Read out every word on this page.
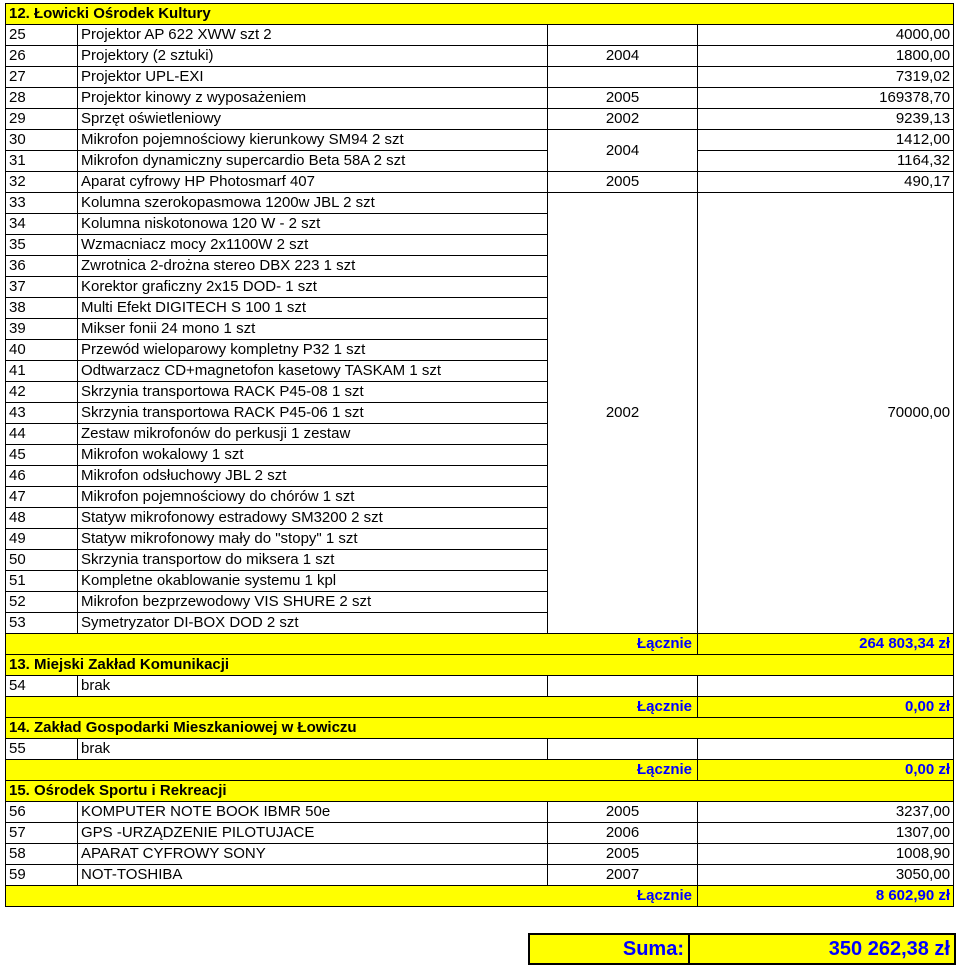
12. Łowicki Ośrodek Kultury			
25	Projektor AP 622 XWW szt 2		4000,00
26	Projektory (2 sztuki)	2004	1800,00
27	Projektor UPL-EXI		7319,02
28	Projektor kinowy z wyposażeniem	2005	169378,70
29	Sprzęt oświetleniowy	2002	9239,13
30	Mikrofon pojemnościowy kierunkowy SM94 2 szt	2004	1412,00
31	Mikrofon dynamiczny supercardio Beta 58A 2 szt		1164,32
32	Aparat cyfrowy HP Photosmarf 407	2005	490,17
33	Kolumna szerokopasmowa 1200w JBL 2 szt	2002	70000,00
34	Kolumna niskotonowa 120 W - 2 szt		
35	Wzmacniacz mocy 2x1100W 2 szt		
36	Zwrotnica 2-drożna stereo DBX 223 1 szt		
37	Korektor graficzny 2x15 DOD- 1 szt		
38	Multi Efekt DIGITECH S 100 1 szt		
39	Mikser fonii 24 mono 1 szt		
40	Przewód wieloparowy kompletny P32 1 szt		
41	Odtwarzacz CD+magnetofon kasetowy TASKAM 1 szt		
42	Skrzynia transportowa RACK P45-08 1 szt		
43	Skrzynia transportowa RACK P45-06 1 szt		
44	Zestaw mikrofonów do perkusji 1 zestaw		
45	Mikrofon wokalowy 1 szt		
46	Mikrofon odsłuchowy JBL 2 szt		
47	Mikrofon pojemnościowy do chórów 1 szt		
48	Statyw mikrofonowy estradowy SM3200 2 szt		
49	Statyw mikrofonowy mały do "stopy" 1 szt		
50	Skrzynia transportow do miksera 1 szt		
51	Kompletne okablowanie systemu 1 kpl		
52	Mikrofon bezprzewodowy VIS SHURE 2 szt		
53	Symetryzator DI-BOX DOD 2 szt		
Łącznie			264 803,34 zł
13. Miejski Zakład Komunikacji			
54	brak		
Łącznie			0,00 zł
14. Zakład Gospodarki Mieszkaniowej w Łowiczu			
55	brak		
Łącznie			0,00 zł
15. Ośrodek Sportu i Rekreacji			
56	KOMPUTER NOTE BOOK IBMR 50e	2005	3237,00
57	GPS -URZĄDZENIE PILOTUJACE	2006	1307,00
58	APARAT CYFROWY SONY	2005	1008,90
59	NOT-TOSHIBA	2007	3050,00
Łącznie			8 602,90 zł
Suma:	350 262,38 zł
